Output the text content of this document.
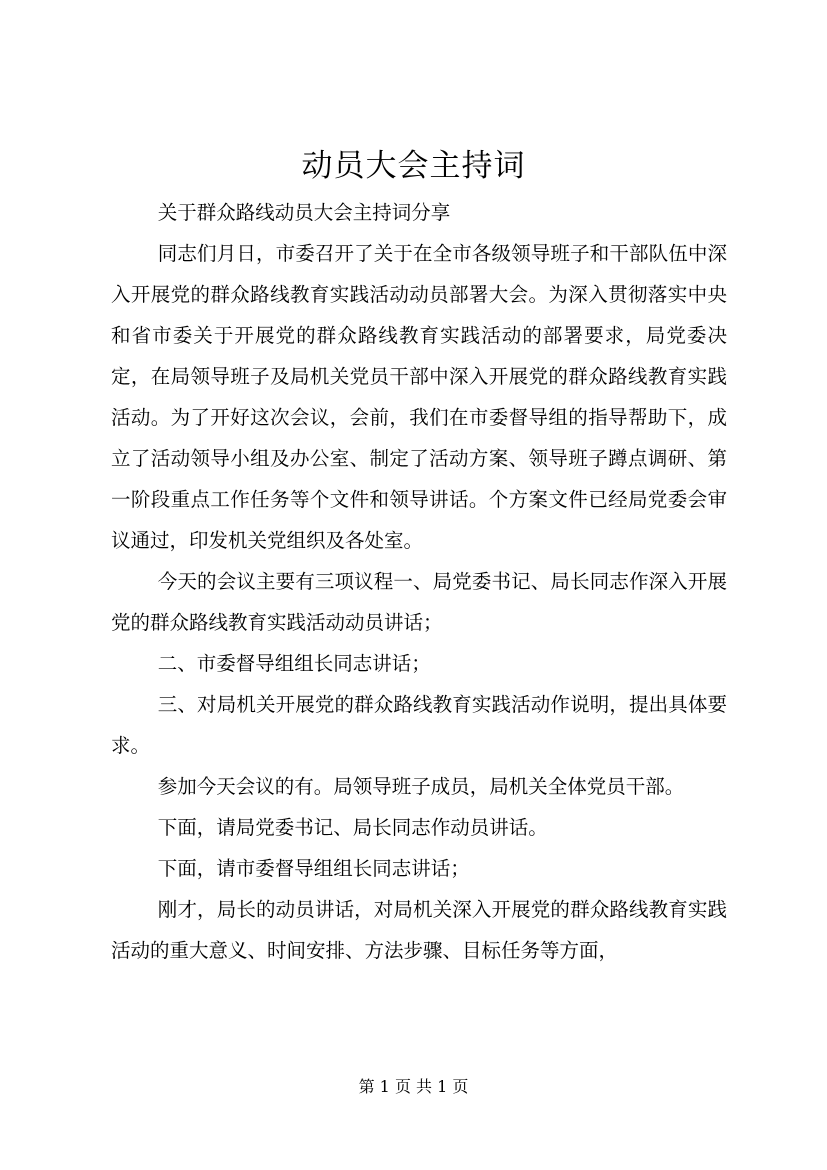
动员大会主持词

关于群众路线动员大会主持词分享

同志们月日，市委召开了关于在全市各级领导班子和干部队伍中深入开展党的群众路线教育实践活动动员部署大会。为深入贯彻落实中央和省市委关于开展党的群众路线教育实践活动的部署要求，局党委决定，在局领导班子及局机关党员干部中深入开展党的群众路线教育实践活动。为了开好这次会议，会前，我们在市委督导组的指导帮助下，成立了活动领导小组及办公室、制定了活动方案、领导班子蹲点调研、第一阶段重点工作任务等个文件和领导讲话。个方案文件已经局党委会审议通过，印发机关党组织及各处室。

今天的会议主要有三项议程一、局党委书记、局长同志作深入开展党的群众路线教育实践活动动员讲话；

二、市委督导组组长同志讲话；

三、对局机关开展党的群众路线教育实践活动作说明，提出具体要求。

参加今天会议的有。局领导班子成员，局机关全体党员干部。

下面，请局党委书记、局长同志作动员讲话。

下面，请市委督导组组长同志讲话；

刚才，局长的动员讲话，对局机关深入开展党的群众路线教育实践活动的重大意义、时间安排、方法步骤、目标任务等方面，

第 1 页 共 1 页
